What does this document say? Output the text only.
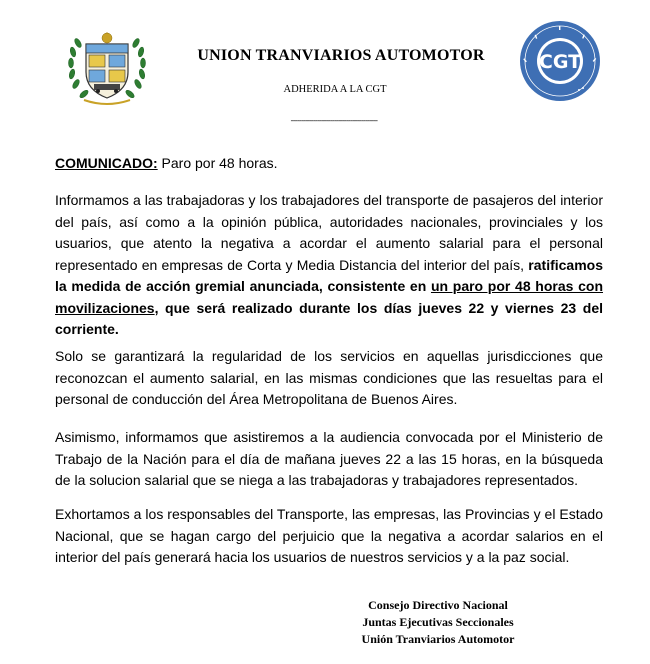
UNION TRANVIARIOS AUTOMOTOR
ADHERIDA A LA CGT
------------------------------------------
CGT
COMUNICADO: Paro por 48 horas.

Informamos a las trabajadoras y los trabajadores del transporte de pasajeros del interior del país, así como a la opinión pública, autoridades nacionales, provinciales y los usuarios, que atento la negativa a acordar el aumento salarial para el personal representado en empresas de Corta y Media Distancia del interior del país, ratificamos la medida de acción gremial anunciada, consistente en un paro por 48 horas con movilizaciones, que será realizado durante los días jueves 22 y viernes 23 del corriente.

Solo se garantizará la regularidad de los servicios en aquellas jurisdicciones que reconozcan el aumento salarial, en las mismas condiciones que las resueltas para el personal de conducción del Área Metropolitana de Buenos Aires.

Asimismo, informamos que asistiremos a la audiencia convocada por el Ministerio de Trabajo de la Nación para el día de mañana jueves 22 a las 15 horas, en la búsqueda de la solucion salarial que se niega a las trabajadoras y trabajadores representados.

Exhortamos a los responsables del Transporte, las empresas, las Provincias y el Estado Nacional, que se hagan cargo del perjuicio que la negativa a acordar salarios en el interior del país generará hacia los usuarios de nuestros servicios y a la paz social.

Consejo Directivo Nacional
Juntas Ejecutivas Seccionales
Unión Tranviarios Automotor
